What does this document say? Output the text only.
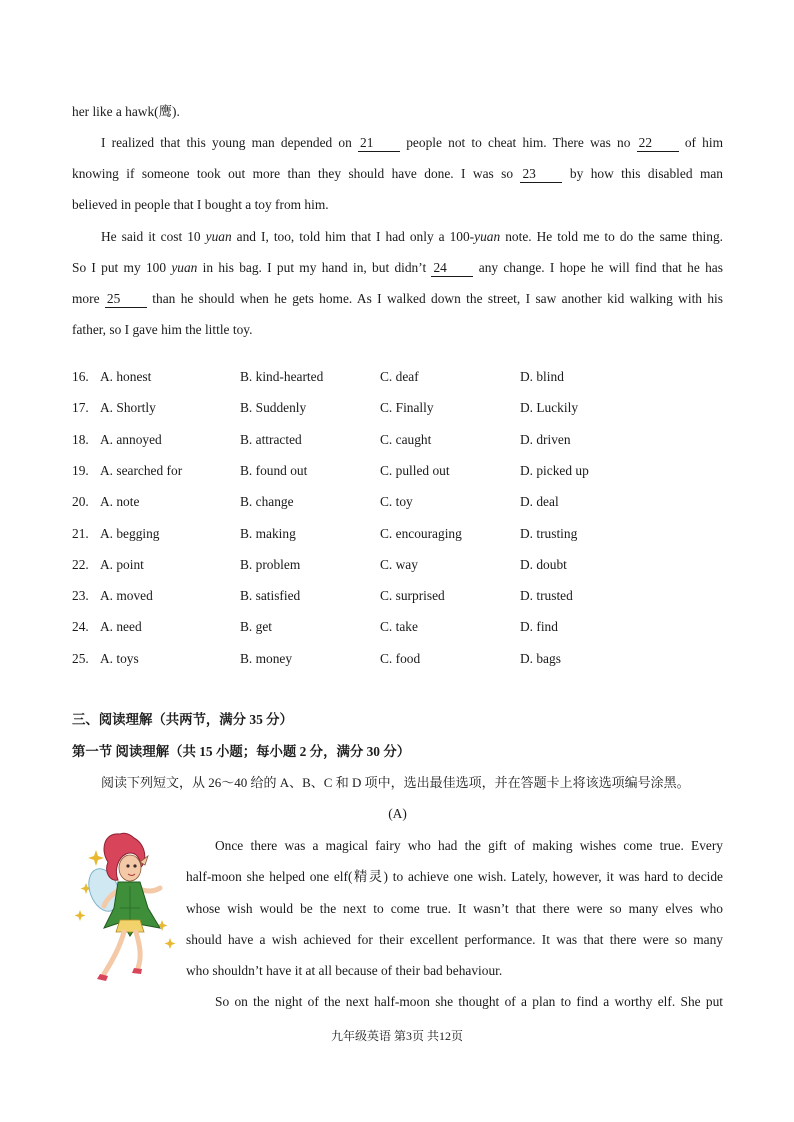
her like a hawk(鹰).
I realized that this young man depended on 21 people not to cheat him. There was no 22 of him
knowing if someone took out more than they should have done. I was so 23	by how this disabled man
believed in people that I bought a toy from him.
He said it cost 10 yuan and I, too, told him that I had only a 100-yuan note. He told me to do the same thing.
So I put my 100 yuan in his bag. I put my hand in, but didn’t 24 any change. I hope he will find that he has
more 25 than he should when he gets home. As I walked down the street, I saw another kid walking with his
father, so I gave him the little toy.
16. A. honest	B. kind-hearted	C. deaf	D. blind
17. A. Shortly	B. Suddenly	C. Finally	D. Luckily
18. A. annoyed	B. attracted	C. caught	D. driven
19. A. searched for	B. found out	C. pulled out	D. picked up
20. A. note	B. change	C. toy	D. deal
21. A. begging	B. making	C. encouraging	D. trusting
22. A. point	B. problem	C. way	D. doubt
23. A. moved	B. satisfied	C. surprised	D. trusted
24. A. need	B. get	C. take	D. find
25. A. toys	B. money	C. food	D. bags
三、阅读理解（共两节，满分 35 分）
第一节 阅读理解（共 15 小题；每小题 2 分，满分 30 分）
阅读下列短文，从 26～40 给的 A、B、C 和 D 项中，选出最佳选项，并在答题卡上将该选项编号涂黑。
(A)
Once there was a magical fairy who had the gift of making wishes come true. Every
half-moon she helped one elf(精灵) to achieve one wish. Lately, however, it was hard to decide
whose wish would be the next to come true. It wasn’t that there were so many elves who
should have a wish achieved for their excellent performance. It was that there were so many
who shouldn’t have it at all because of their bad behaviour.
So on the night of the next half-moon she thought of a plan to find a worthy elf. She put
九年级英语 第3页 共12页
